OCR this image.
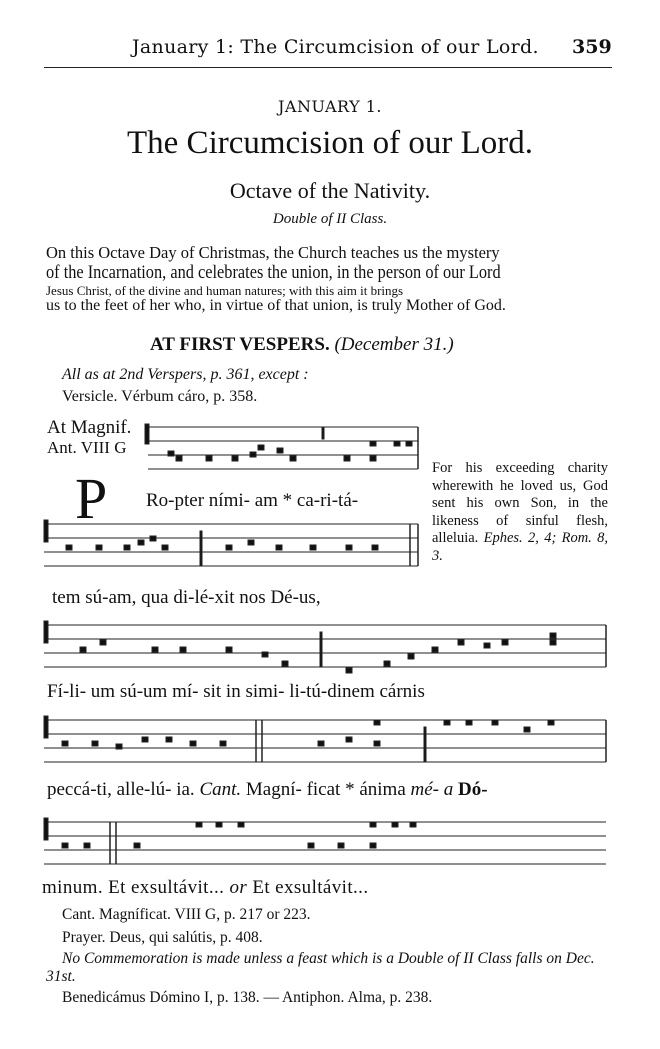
January 1: The Circumcision of our Lord. 359
JANUARY 1.
The Circumcision of our Lord.
Octave of the Nativity.
Double of II Class.
On this Octave Day of Christmas, the Church teaches us the mystery
of the Incarnation, and celebrates the union, in the person of our Lord
Jesus Christ, of the divine and human natures; with this aim it brings
us to the feet of her who, in virtue of that union, is truly Mother of God.
AT FIRST VESPERS. (December 31.)
All as at 2nd Verspers, p. 361, except :
Versicle. Vérbum cáro, p. 358.
At Magnif.
Ant. VIII G
P Ro-pter ními- am * ca-ri-tá-
tem sú-am, qua di-lé-xit nos Dé-us,
Fí-li- um sú-um mí- sit in simi- li-tú-dinem cárnis
peccá-ti, alle-lú- ia. Cant. Magní- ficat * ánima mé- a Dó-
minum. Et exsultávit... or Et exsultávit...
For his exceeding charity wherewith he loved us, God sent his own Son, in the likeness of sinful flesh, alleluia. Ephes. 2, 4; Rom. 8, 3.
Cant. Magníficat. VIII G, p. 217 or 223.
Prayer. Deus, qui salútis, p. 408.
No Commemoration is made unless a feast which is a Double of II Class falls on Dec. 31st.
Benedicámus Dómino I, p. 138. — Antiphon. Alma, p. 238.
